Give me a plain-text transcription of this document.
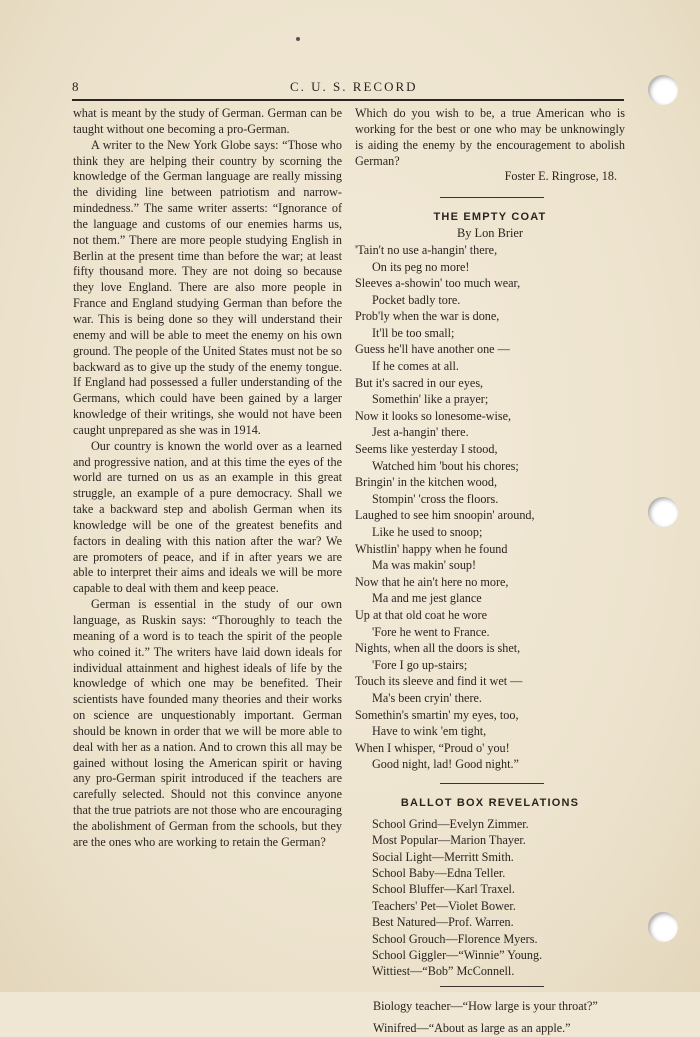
8	C. U. S. RECORD

what is meant by the study of German. German can be taught without one becoming a pro-German.

A writer to the New York Globe says: “Those who think they are helping their country by scorning the knowledge of the German language are really missing the dividing line between patriotism and narrow-mindedness.” The same writer asserts: “Ignorance of the language and customs of our enemies harms us, not them.” There are more people studying English in Berlin at the present time than before the war; at least fifty thousand more. They are not doing so because they love England. There are also more people in France and England studying German than before the war. This is being done so they will understand their enemy and will be able to meet the enemy on his own ground. The people of the United States must not be so backward as to give up the study of the enemy tongue. If England had possessed a fuller understanding of the Germans, which could have been gained by a larger knowledge of their writings, she would not have been caught unprepared as she was in 1914.

Our country is known the world over as a learned and progressive nation, and at this time the eyes of the world are turned on us as an example in this great struggle, an example of a pure democracy. Shall we take a backward step and abolish German when its knowledge will be one of the greatest benefits and factors in dealing with this nation after the war? We are promoters of peace, and if in after years we are able to interpret their aims and ideals we will be more capable to deal with them and keep peace.

German is essential in the study of our own language, as Ruskin says: “Thoroughly to teach the meaning of a word is to teach the spirit of the people who coined it.” The writers have laid down ideals for individual attainment and highest ideals of life by the knowledge of which one may be benefited. Their scientists have founded many theories and their works on science are unquestionably important. German should be known in order that we will be more able to deal with her as a nation. And to crown this all may be gained without losing the American spirit or having any pro-German spirit introduced if the teachers are carefully selected. Should not this convince anyone that the true patriots are not those who are encouraging the abolishment of German from the schools, but they are the ones who are working to retain the German?

Which do you wish to be, a true American who is working for the best or one who may be unknowingly is aiding the enemy by the encouragement to abolish German?

Foster E. Ringrose, 18.

THE EMPTY COAT

By Lon Brier

'Tain't no use a-hangin' there,
On its peg no more!
Sleeves a-showin' too much wear,
Pocket badly tore.
Prob'ly when the war is done,
It'll be too small;
Guess he'll have another one —
If he comes at all.
But it's sacred in our eyes,
Somethin' like a prayer;
Now it looks so lonesome-wise,
Jest a-hangin' there.
Seems like yesterday I stood,
Watched him 'bout his chores;
Bringin' in the kitchen wood,
Stompin' 'cross the floors.
Laughed to see him snoopin' around,
Like he used to snoop;
Whistlin' happy when he found
Ma was makin' soup!
Now that he ain't here no more,
Ma and me jest glance
Up at that old coat he wore
'Fore he went to France.
Nights, when all the doors is shet,
'Fore I go up-stairs;
Touch its sleeve and find it wet —
Ma's been cryin' there.
Somethin's smartin' my eyes, too,
Have to wink 'em tight,
When I whisper, “Proud o' you!
Good night, lad! Good night.”

BALLOT BOX REVELATIONS

School Grind—Evelyn Zimmer.
Most Popular—Marion Thayer.
Social Light—Merritt Smith.
School Baby—Edna Teller.
School Bluffer—Karl Traxel.
Teachers' Pet—Violet Bower.
Best Natured—Prof. Warren.
School Grouch—Florence Myers.
School Giggler—“Winnie” Young.
Wittiest—“Bob” McConnell.

Biology teacher—“How large is your throat?”

Winifred—“About as large as an apple.”
